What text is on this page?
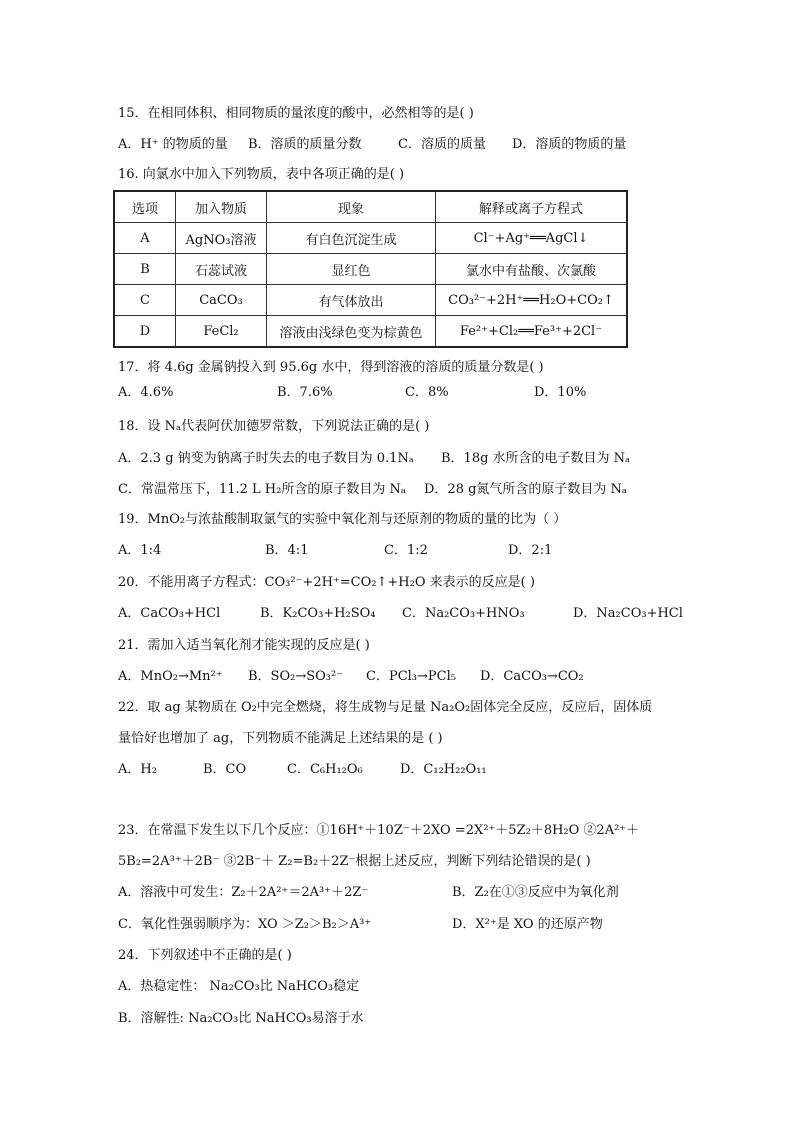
15．在相同体积、相同物质的量浓度的酸中，必然相等的是( )
A．H⁺ 的物质的量 B．溶质的质量分数	C．溶质的质量 D．溶质的物质的量
16. 向氯水中加入下列物质，表中各项正确的是( )
选项	加入物质	现象	解释或离子方程式
A	AgNO₃溶液	有白色沉淀生成	Cl⁻+Ag⁺══AgCl↓
B	石蕊试液	显红色	氯水中有盐酸、次氯酸
C	CaCO₃	有气体放出	CO₃²⁻+2H⁺══H₂O+CO₂↑
D	FeCl₂	溶液由浅绿色变为棕黄色	Fe²⁺+Cl₂══Fe³⁺+2Cl⁻
17．将 4.6g 金属钠投入到 95.6g 水中，得到溶液的溶质的质量分数是( )
A．4.6%	B．7.6%	C．8%	D．10%
18．设 Nₐ代表阿伏加德罗常数，下列说法正确的是( )
A．2.3 g 钠变为钠离子时失去的电子数目为 0.1Nₐ B．18g 水所含的电子数目为 Nₐ
C．常温常压下，11.2 L H₂所含的原子数目为 Nₐ D．28 g氮气所含的原子数目为 Nₐ
19．MnO₂与浓盐酸制取氯气的实验中氧化剂与还原剂的物质的量的比为（ ）
A．1:4	B．4:1	C．1:2	D．2:1
20．不能用离子方程式：CO₃²⁻+2H⁺=CO₂↑+H₂O 来表示的反应是( )
A．CaCO₃+HCl	B．K₂CO₃+H₂SO₄ C．Na₂CO₃+HNO₃	D．Na₂CO₃+HCl
21．需加入适当氧化剂才能实现的反应是( )
A．MnO₂→Mn²⁺ B．SO₂→SO₃²⁻ C．PCl₃→PCl₅ D．CaCO₃→CO₂
22．取 ag 某物质在 O₂中完全燃烧，将生成物与足量 Na₂O₂固体完全反应，反应后，固体质
量恰好也增加了 ag，下列物质不能满足上述结果的是 ( )
A．H₂	B．CO	C．C₆H₁₂O₆	D．C₁₂H₂₂O₁₁
23．在常温下发生以下几个反应：①16H⁺＋10Z⁻＋2XO =2X²⁺＋5Z₂＋8H₂O ②2A²⁺＋
5B₂=2A³⁺＋2B⁻ ③2B⁻＋ Z₂=B₂＋2Z⁻根据上述反应，判断下列结论错误的是( )
A．溶液中可发生：Z₂＋2A²⁺＝2A³⁺＋2Z⁻	B．Z₂在①③反应中为氧化剂
C．氧化性强弱顺序为：XO ＞Z₂＞B₂＞A³⁺	D．X²⁺是 XO 的还原产物
24．下列叙述中不正确的是( )
A．热稳定性： Na₂CO₃比 NaHCO₃稳定
B．溶解性: Na₂CO₃比 NaHCO₃易溶于水
